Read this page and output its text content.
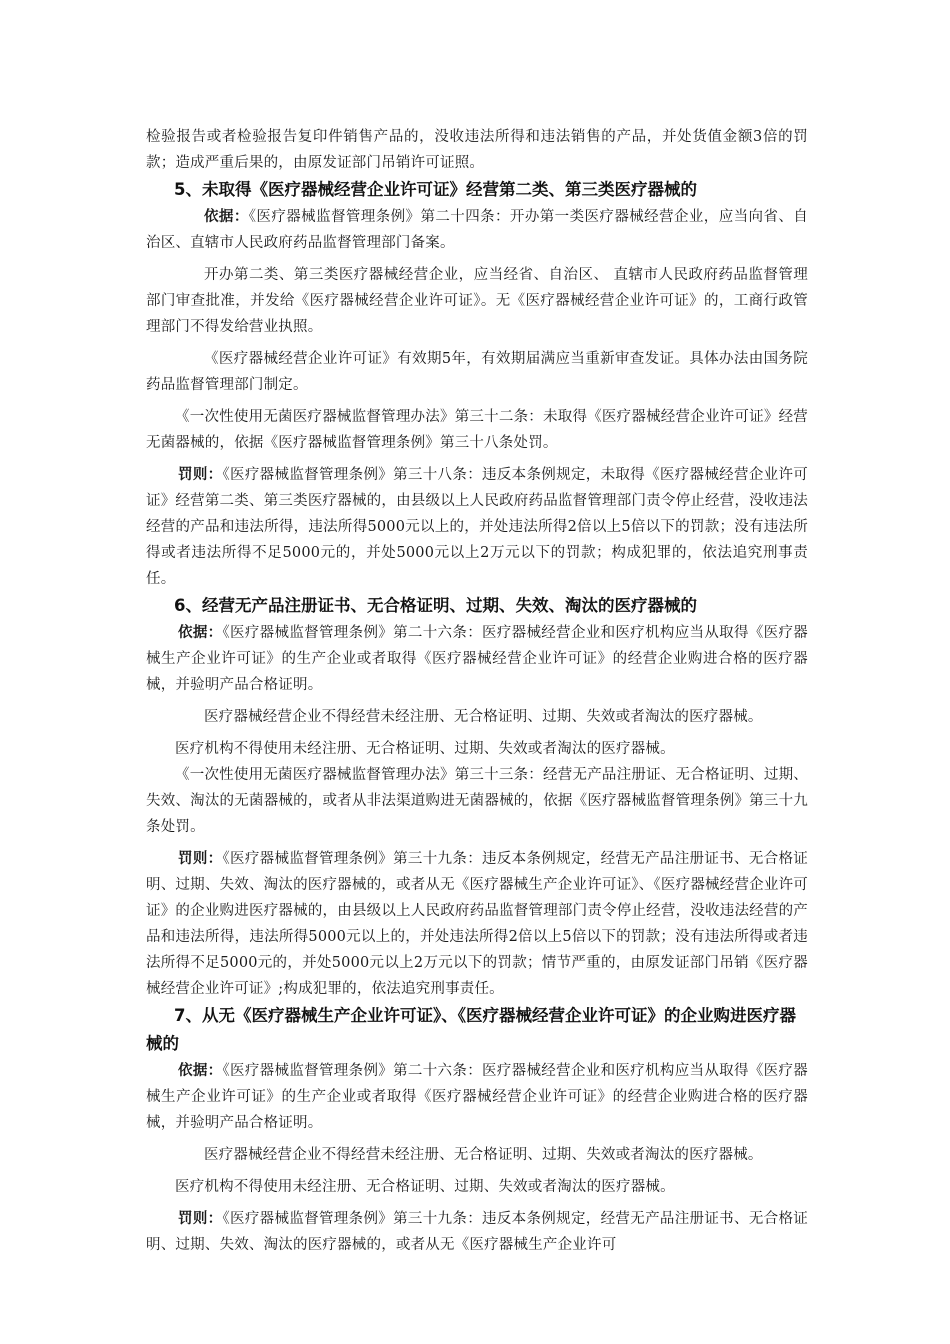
检验报告或者检验报告复印件销售产品的，没收违法所得和违法销售的产品，并处货值金额3倍的罚款；造成严重后果的，由原发证部门吊销许可证照。

5、未取得《医疗器械经营企业许可证》经营第二类、第三类医疗器械的

依据：《医疗器械监督管理条例》第二十四条：开办第一类医疗器械经营企业，应当向省、自治区、直辖市人民政府药品监督管理部门备案。

开办第二类、第三类医疗器械经营企业，应当经省、自治区、 直辖市人民政府药品监督管理部门审查批准，并发给《医疗器械经营企业许可证》。无《医疗器械经营企业许可证》的，工商行政管理部门不得发给营业执照。

《医疗器械经营企业许可证》有效期5年，有效期届满应当重新审查发证。具体办法由国务院药品监督管理部门制定。

《一次性使用无菌医疗器械监督管理办法》第三十二条：未取得《医疗器械经营企业许可证》经营无菌器械的，依据《医疗器械监督管理条例》第三十八条处罚。

罚则：《医疗器械监督管理条例》第三十八条：违反本条例规定，未取得《医疗器械经营企业许可证》经营第二类、第三类医疗器械的，由县级以上人民政府药品监督管理部门责令停止经营，没收违法经营的产品和违法所得，违法所得5000元以上的，并处违法所得2倍以上5倍以下的罚款；没有违法所得或者违法所得不足5000元的，并处5000元以上2万元以下的罚款；构成犯罪的，依法追究刑事责任。

6、经营无产品注册证书、无合格证明、过期、失效、淘汰的医疗器械的

依据：《医疗器械监督管理条例》第二十六条：医疗器械经营企业和医疗机构应当从取得《医疗器械生产企业许可证》的生产企业或者取得《医疗器械经营企业许可证》的经营企业购进合格的医疗器械，并验明产品合格证明。

医疗器械经营企业不得经营未经注册、无合格证明、过期、失效或者淘汰的医疗器械。

医疗机构不得使用未经注册、无合格证明、过期、失效或者淘汰的医疗器械。

《一次性使用无菌医疗器械监督管理办法》第三十三条：经营无产品注册证、无合格证明、过期、失效、淘汰的无菌器械的，或者从非法渠道购进无菌器械的，依据《医疗器械监督管理条例》第三十九条处罚。

罚则：《医疗器械监督管理条例》第三十九条：违反本条例规定，经营无产品注册证书、无合格证明、过期、失效、淘汰的医疗器械的，或者从无《医疗器械生产企业许可证》、《医疗器械经营企业许可证》的企业购进医疗器械的，由县级以上人民政府药品监督管理部门责令停止经营，没收违法经营的产品和违法所得，违法所得5000元以上的，并处违法所得2倍以上5倍以下的罚款；没有违法所得或者违法所得不足5000元的，并处5000元以上2万元以下的罚款；情节严重的，由原发证部门吊销《医疗器械经营企业许可证》;构成犯罪的，依法追究刑事责任。

7、从无《医疗器械生产企业许可证》、《医疗器械经营企业许可证》的企业购进医疗器械的

依据：《医疗器械监督管理条例》第二十六条：医疗器械经营企业和医疗机构应当从取得《医疗器械生产企业许可证》的生产企业或者取得《医疗器械经营企业许可证》的经营企业购进合格的医疗器械，并验明产品合格证明。

医疗器械经营企业不得经营未经注册、无合格证明、过期、失效或者淘汰的医疗器械。

医疗机构不得使用未经注册、无合格证明、过期、失效或者淘汰的医疗器械。

罚则：《医疗器械监督管理条例》第三十九条：违反本条例规定，经营无产品注册证书、无合格证明、过期、失效、淘汰的医疗器械的，或者从无《医疗器械生产企业许可
